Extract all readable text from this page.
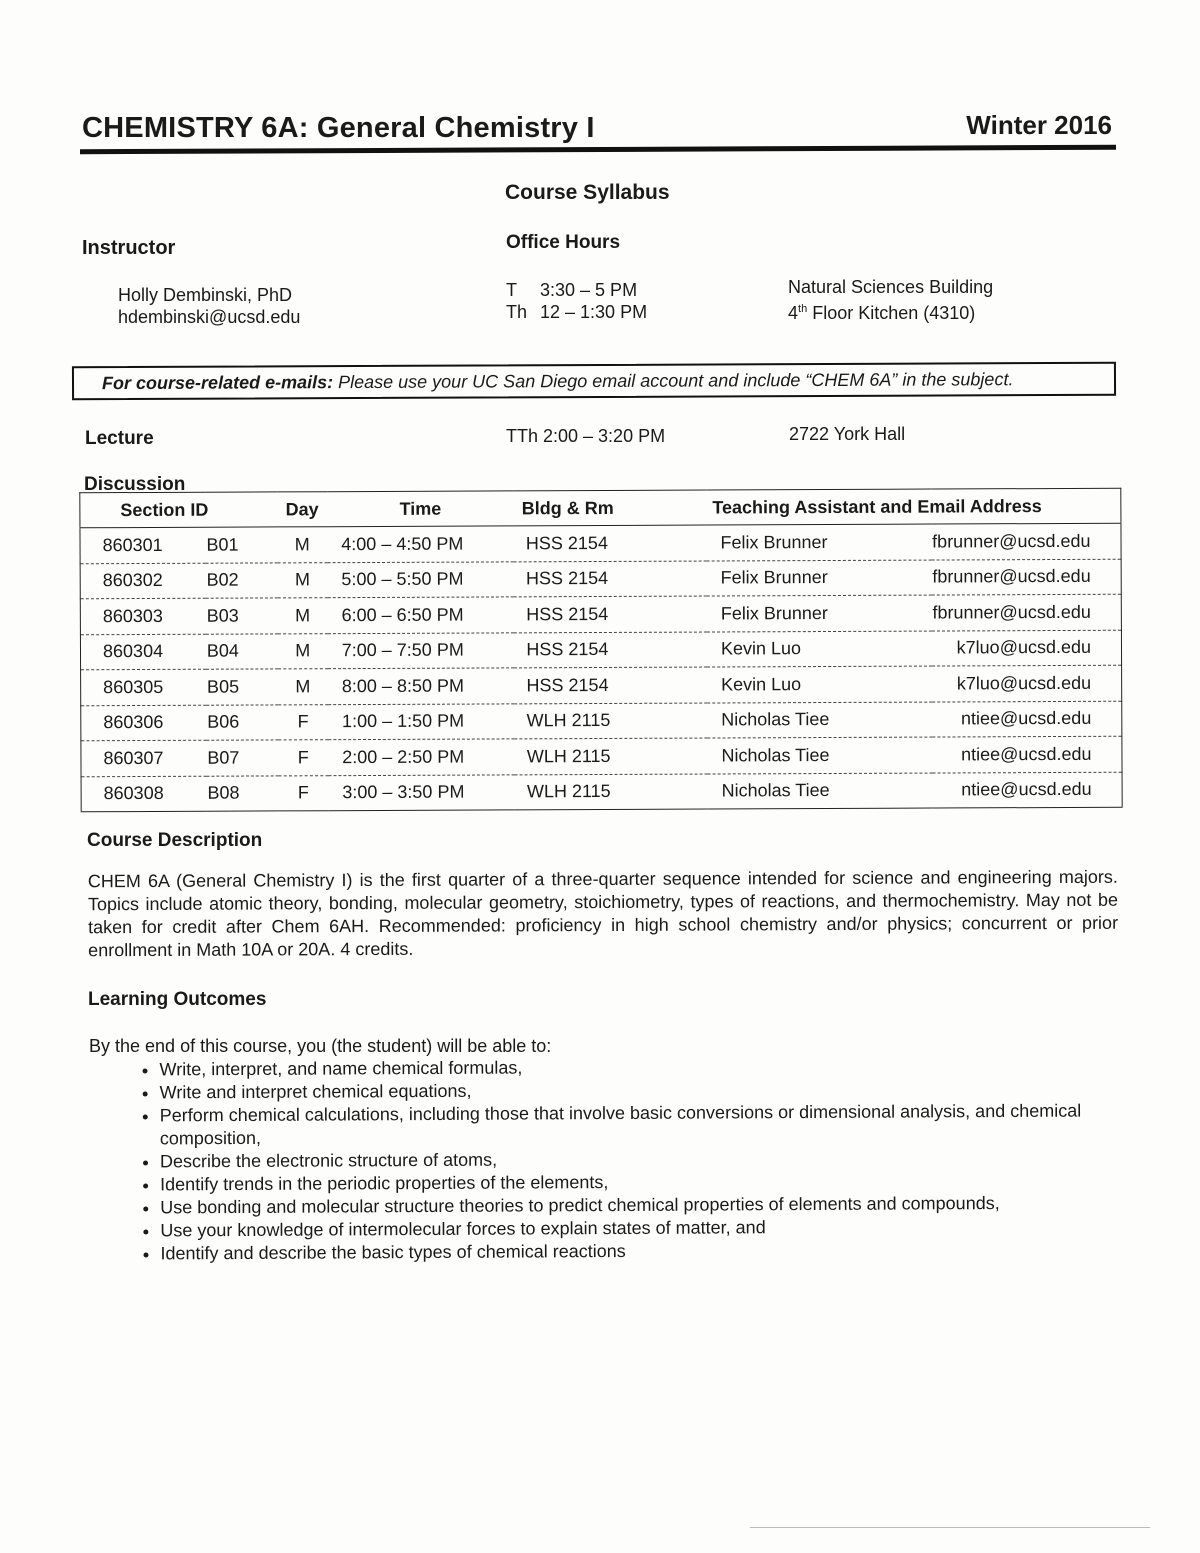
CHEMISTRY 6A: General Chemistry I	Winter 2016
Course Syllabus
Instructor
Holly Dembinski, PhD
hdembinski@ucsd.edu
Office Hours
T 3:30 – 5 PM
Th 12 – 1:30 PM
Natural Sciences Building
4th Floor Kitchen (4310)
For course-related e-mails: Please use your UC San Diego email account and include “CHEM 6A” in the subject.
Lecture	TTh 2:00 – 3:20 PM	2722 York Hall
Discussion
Section ID		Day	Time	Bldg & Rm	Teaching Assistant and Email Address	
860301	B01	M	4:00 – 4:50 PM	HSS 2154	Felix Brunner	fbrunner@ucsd.edu
860302	B02	M	5:00 – 5:50 PM	HSS 2154	Felix Brunner	fbrunner@ucsd.edu
860303	B03	M	6:00 – 6:50 PM	HSS 2154	Felix Brunner	fbrunner@ucsd.edu
860304	B04	M	7:00 – 7:50 PM	HSS 2154	Kevin Luo	k7luo@ucsd.edu
860305	B05	M	8:00 – 8:50 PM	HSS 2154	Kevin Luo	k7luo@ucsd.edu
860306	B06	F	1:00 – 1:50 PM	WLH 2115	Nicholas Tiee	ntiee@ucsd.edu
860307	B07	F	2:00 – 2:50 PM	WLH 2115	Nicholas Tiee	ntiee@ucsd.edu
860308	B08	F	3:00 – 3:50 PM	WLH 2115	Nicholas Tiee	ntiee@ucsd.edu
Course Description
CHEM 6A (General Chemistry I) is the first quarter of a three-quarter sequence intended for science and engineering majors. Topics include atomic theory, bonding, molecular geometry, stoichiometry, types of reactions, and thermochemistry. May not be taken for credit after Chem 6AH. Recommended: proficiency in high school chemistry and/or physics; concurrent or prior enrollment in Math 10A or 20A. 4 credits.
Learning Outcomes
By the end of this course, you (the student) will be able to:
• Write, interpret, and name chemical formulas,
• Write and interpret chemical equations,
• Perform chemical calculations, including those that involve basic conversions or dimensional analysis, and chemical composition,
• Describe the electronic structure of atoms,
• Identify trends in the periodic properties of the elements,
• Use bonding and molecular structure theories to predict chemical properties of elements and compounds,
• Use your knowledge of intermolecular forces to explain states of matter, and
• Identify and describe the basic types of chemical reactions
